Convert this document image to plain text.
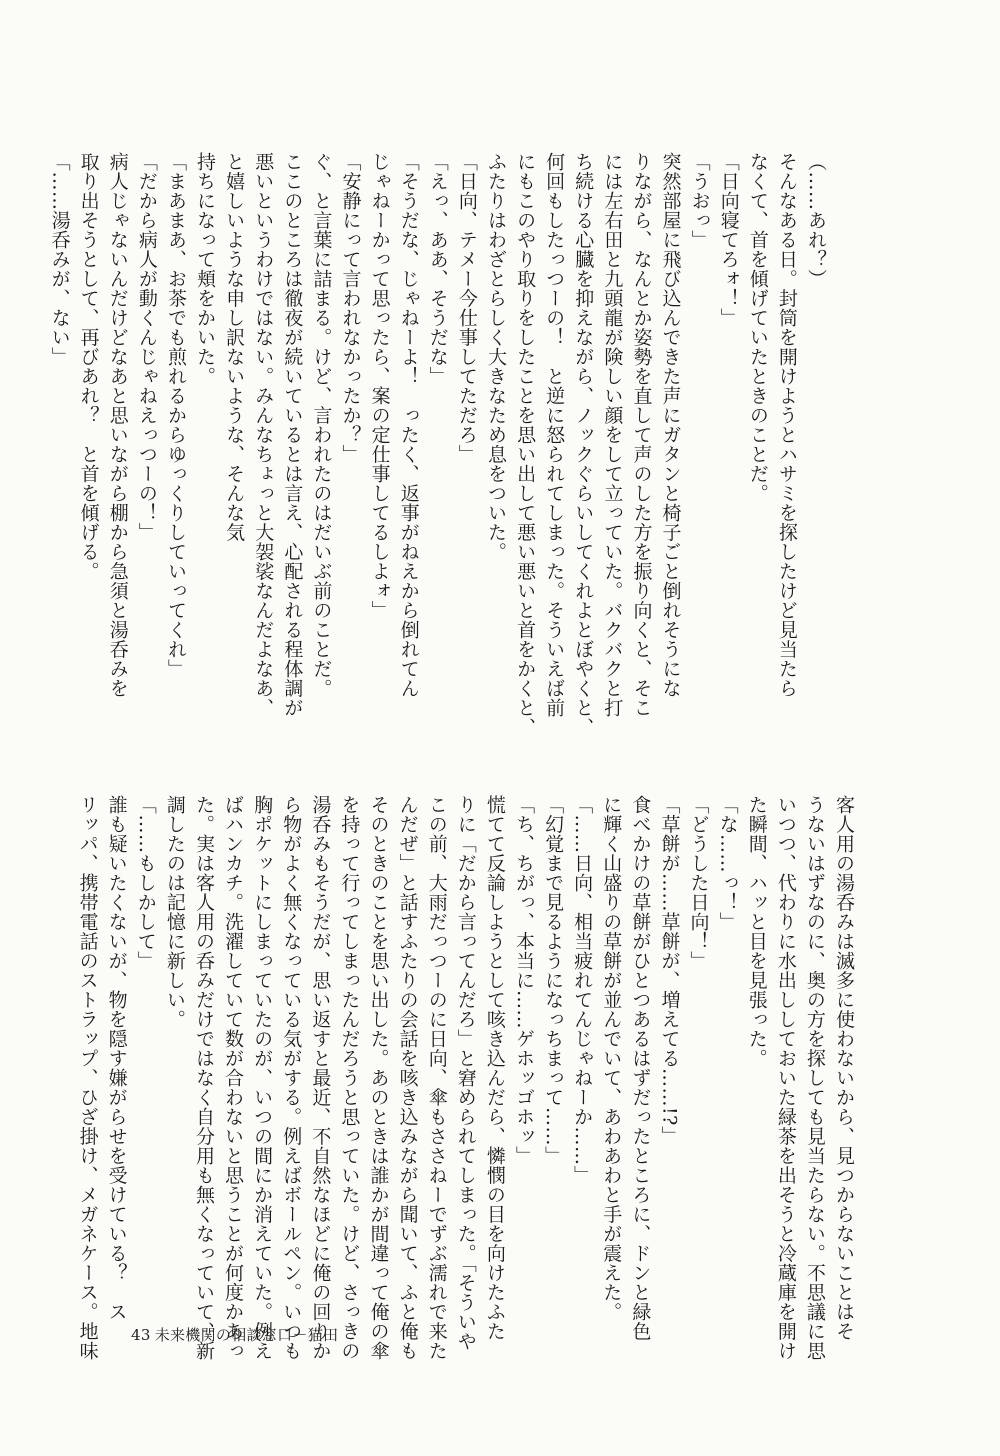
（……あれ？）
そんなある日。封筒を開けようとハサミを探したけど見当たら
なくて、首を傾げていたときのことだ。
「日向寝てろォ！」
「うおっ」
突然部屋に飛び込んできた声にガタンと椅子ごと倒れそうにな
りながら、なんとか姿勢を直して声のした方を振り向くと、そこ
には左右田と九頭龍が険しい顔をして立っていた。バクバクと打
ち続ける心臓を抑えながら、ノックぐらいしてくれよとぼやくと、
何回もしたっつーの！　と逆に怒られてしまった。そういえば前
にもこのやり取りをしたことを思い出して悪い悪いと首をかくと、
ふたりはわざとらしく大きなため息をついた。
「日向、テメー今仕事してただろ」
「えっ、ああ、そうだな」
「そうだな、じゃねーよ！　ったく、返事がねえから倒れてん
じゃねーかって思ったら、案の定仕事してるしよォ」
「安静にって言われなかったか？」
ぐ、と言葉に詰まる。けど、言われたのはだいぶ前のことだ。
ここのところは徹夜が続いているとは言え、心配される程体調が
悪いというわけではない。みんなちょっと大袈裟なんだよなあ、
と嬉しいような申し訳ないような、そんな気
持ちになって頬をかいた。
「まあまあ、お茶でも煎れるからゆっくりしていってくれ」
「だから病人が動くんじゃねえっつーの！」
病人じゃないんだけどなあと思いながら棚から急須と湯呑みを
取り出そうとして、再びあれ？　と首を傾げる。
「……湯呑みが、ない」
客人用の湯呑みは滅多に使わないから、見つからないことはそ
うないはずなのに、奥の方を探しても見当たらない。不思議に思
いつつ、代わりに水出ししておいた緑茶を出そうと冷蔵庫を開け
た瞬間、ハッと目を見張った。
「な……っ！」
「どうした日向！」
「草餅が……草餅が、増えてる……!?」
食べかけの草餅がひとつあるはずだったところに、ドンと緑色
に輝く山盛りの草餅が並んでいて、あわあわと手が震えた。
「……日向、相当疲れてんじゃねーか……」
「幻覚まで見るようになっちまって……」
「ち、ちがっ、本当に……ゲホッゴホッ」
慌てて反論しようとして咳き込んだら、憐憫の目を向けたふた
りに「だから言ってんだろ」と窘められてしまった。「そういや
この前、大雨だっつーのに日向、傘もささねーでずぶ濡れで来た
んだぜ」と話すふたりの会話を咳き込みながら聞いて、ふと俺も
そのときのことを思い出した。あのときは誰かが間違って俺の傘
を持って行ってしまったんだろうと思っていた。けど、さっきの
湯呑みもそうだが、思い返すと最近、不自然なほどに俺の回りか
ら物がよく無くなっている気がする。例えばボールペン。いつも
胸ポケットにしまっていたのが、いつの間にか消えていた。例え
ばハンカチ。洗濯していて数が合わないと思うことが何度かあっ
た。実は客人用の呑みだけではなく自分用も無くなっていて、新
調したのは記憶に新しい。
「……もしかして」
誰も疑いたくないが、物を隠す嫌がらせを受けている？　ス
リッパ、携帯電話のストラップ、ひざ掛け、メガネケース。地味 43 未来機関の相談窓口－猫田
